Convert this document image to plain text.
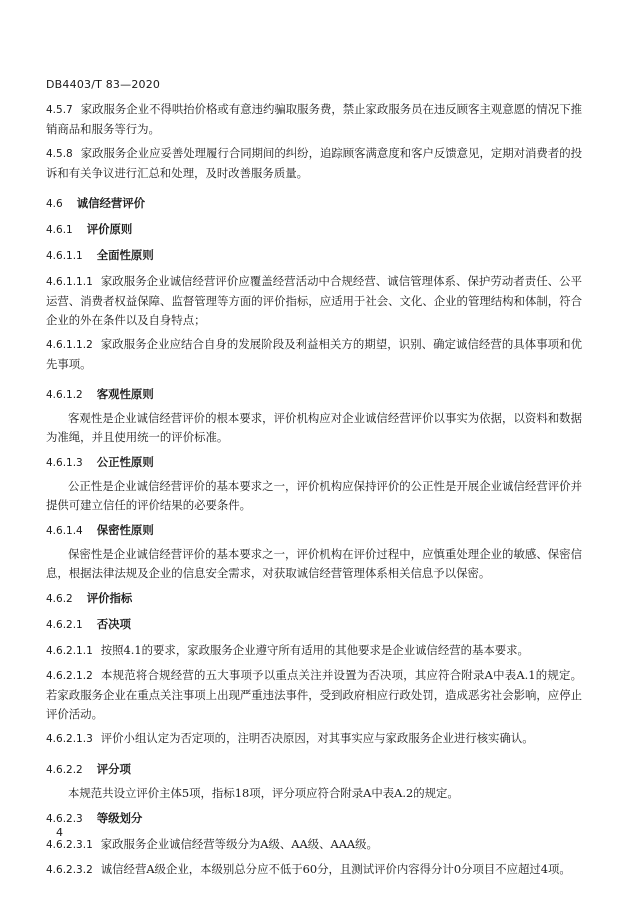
DB4403/T 83—2020

4.5.7 家政服务企业不得哄抬价格或有意违约骗取服务费，禁止家政服务员在违反顾客主观意愿的情况下推销商品和服务等行为。

4.5.8 家政服务企业应妥善处理履行合同期间的纠纷，追踪顾客满意度和客户反馈意见，定期对消费者的投诉和有关争议进行汇总和处理，及时改善服务质量。

4.6 诚信经营评价

4.6.1 评价原则

4.6.1.1 全面性原则

4.6.1.1.1 家政服务企业诚信经营评价应覆盖经营活动中合规经营、诚信管理体系、保护劳动者责任、公平运营、消费者权益保障、监督管理等方面的评价指标，应适用于社会、文化、企业的管理结构和体制，符合企业的外在条件以及自身特点；

4.6.1.1.2 家政服务企业应结合自身的发展阶段及利益相关方的期望，识别、确定诚信经营的具体事项和优先事项。

4.6.1.2 客观性原则

客观性是企业诚信经营评价的根本要求，评价机构应对企业诚信经营评价以事实为依据，以资料和数据为准绳，并且使用统一的评价标准。

4.6.1.3 公正性原则

公正性是企业诚信经营评价的基本要求之一，评价机构应保持评价的公正性是开展企业诚信经营评价并提供可建立信任的评价结果的必要条件。

4.6.1.4 保密性原则

保密性是企业诚信经营评价的基本要求之一，评价机构在评价过程中，应慎重处理企业的敏感、保密信息，根据法律法规及企业的信息安全需求，对获取诚信经营管理体系相关信息予以保密。

4.6.2 评价指标

4.6.2.1 否决项

4.6.2.1.1 按照4.1的要求，家政服务企业遵守所有适用的其他要求是企业诚信经营的基本要求。

4.6.2.1.2 本规范将合规经营的五大事项予以重点关注并设置为否决项，其应符合附录A中表A.1的规定。若家政服务企业在重点关注事项上出现严重违法事件，受到政府相应行政处罚，造成恶劣社会影响，应停止评价活动。

4.6.2.1.3 评价小组认定为否定项的，注明否决原因，对其事实应与家政服务企业进行核实确认。

4.6.2.2 评分项

本规范共设立评价主体5项，指标18项，评分项应符合附录A中表A.2的规定。

4.6.2.3 等级划分

4.6.2.3.1 家政服务企业诚信经营等级分为A级、AA级、AAA级。

4.6.2.3.2 诚信经营A级企业，本级别总分应不低于60分，且测试评价内容得分计0分项目不应超过4项。

4
